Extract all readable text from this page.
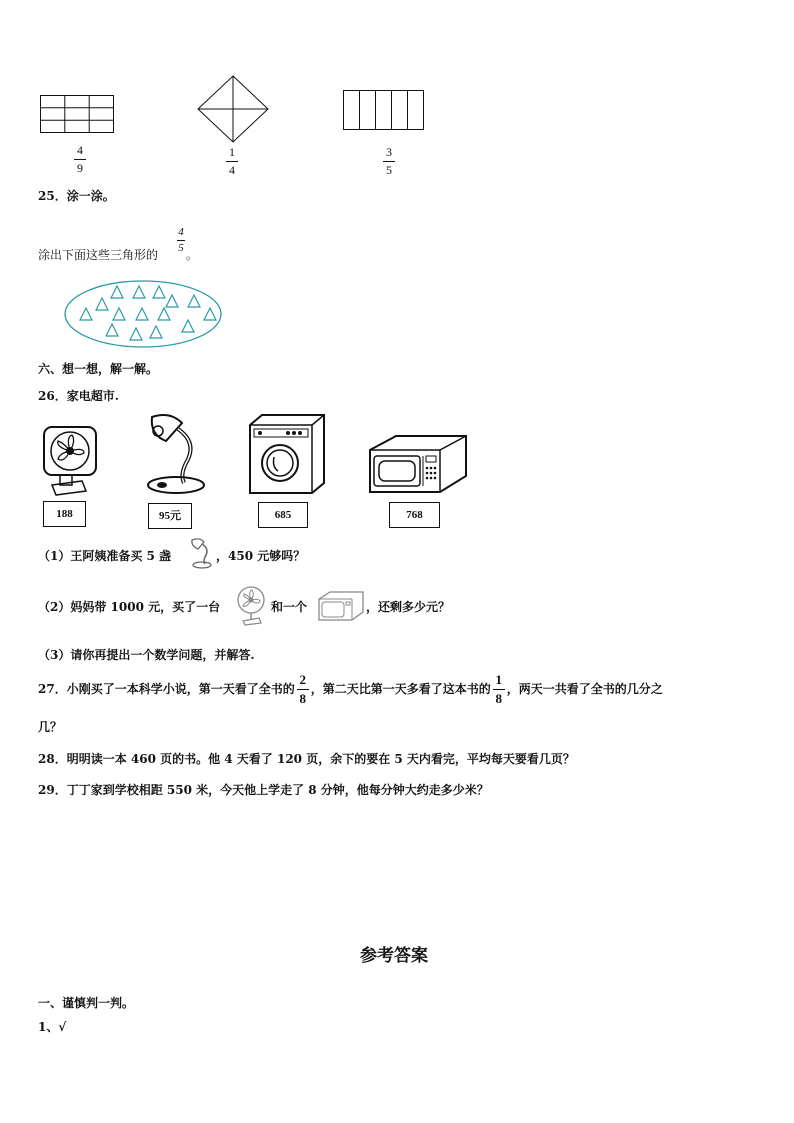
4
9
1
4
3
5
25．涂一涂。
涂出下面这些三角形的
4
5 。
六、想一想，解一解。
26．家电超市.
188	95元	685	768
（1）王阿姨准备买 5 盏	，450 元够吗？
（2）妈妈带 1000 元，买了一台	和一个	，还剩多少元？
（3）请你再提出一个数学问题，并解答.
27．小刚买了一本科学小说，第一天看了全书的 $\frac{2}{8}$ ，第二天比第一天多看了这本书的 $\frac{1}{8}$ ，两天一共看了全书的几分之
几？
28．明明读一本 460 页的书。他 4 天看了 120 页，余下的要在 5 天内看完，平均每天要看几页？
29．丁丁家到学校相距 550 米，今天他上学走了 8 分钟，他每分钟大约走多少米？
参考答案
一、谨慎判一判。
1、√
